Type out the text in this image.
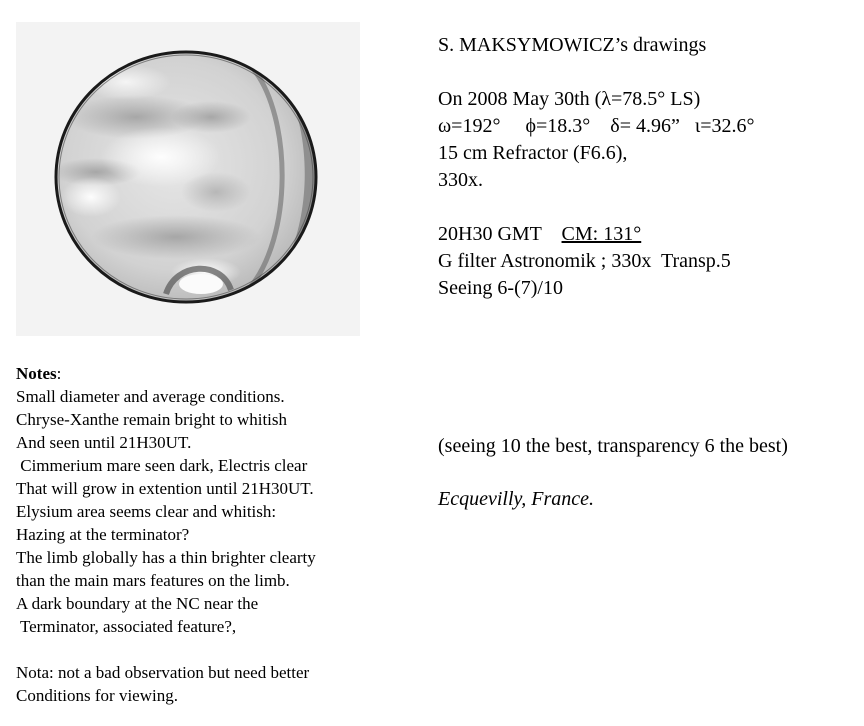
S. MAKSYMOWICZ’s drawings
On 2008 May 30th (λ=78.5° LS)
ω=192° ϕ=18.3° δ= 4.96” ι=32.6°
15 cm Refractor (F6.6),
330x.
20H30 GMT CM: 131°
G filter Astronomik ; 330x  Transp.5
Seeing 6-(7)/10
(seeing 10 the best, transparency 6 the best)
Ecquevilly, France.
Notes:
Small diameter and average conditions.
Chryse-Xanthe remain bright to whitish
And seen until 21H30UT.
Cimmerium mare seen dark, Electris clear
That will grow in extention until 21H30UT.
Elysium area seems clear and whitish:
Hazing at the terminator?
The limb globally has a thin brighter clearty
than the main mars features on the limb.
A dark boundary at the NC near the
Terminator, associated feature?,
Nota: not a bad observation but need better
Conditions for viewing.
